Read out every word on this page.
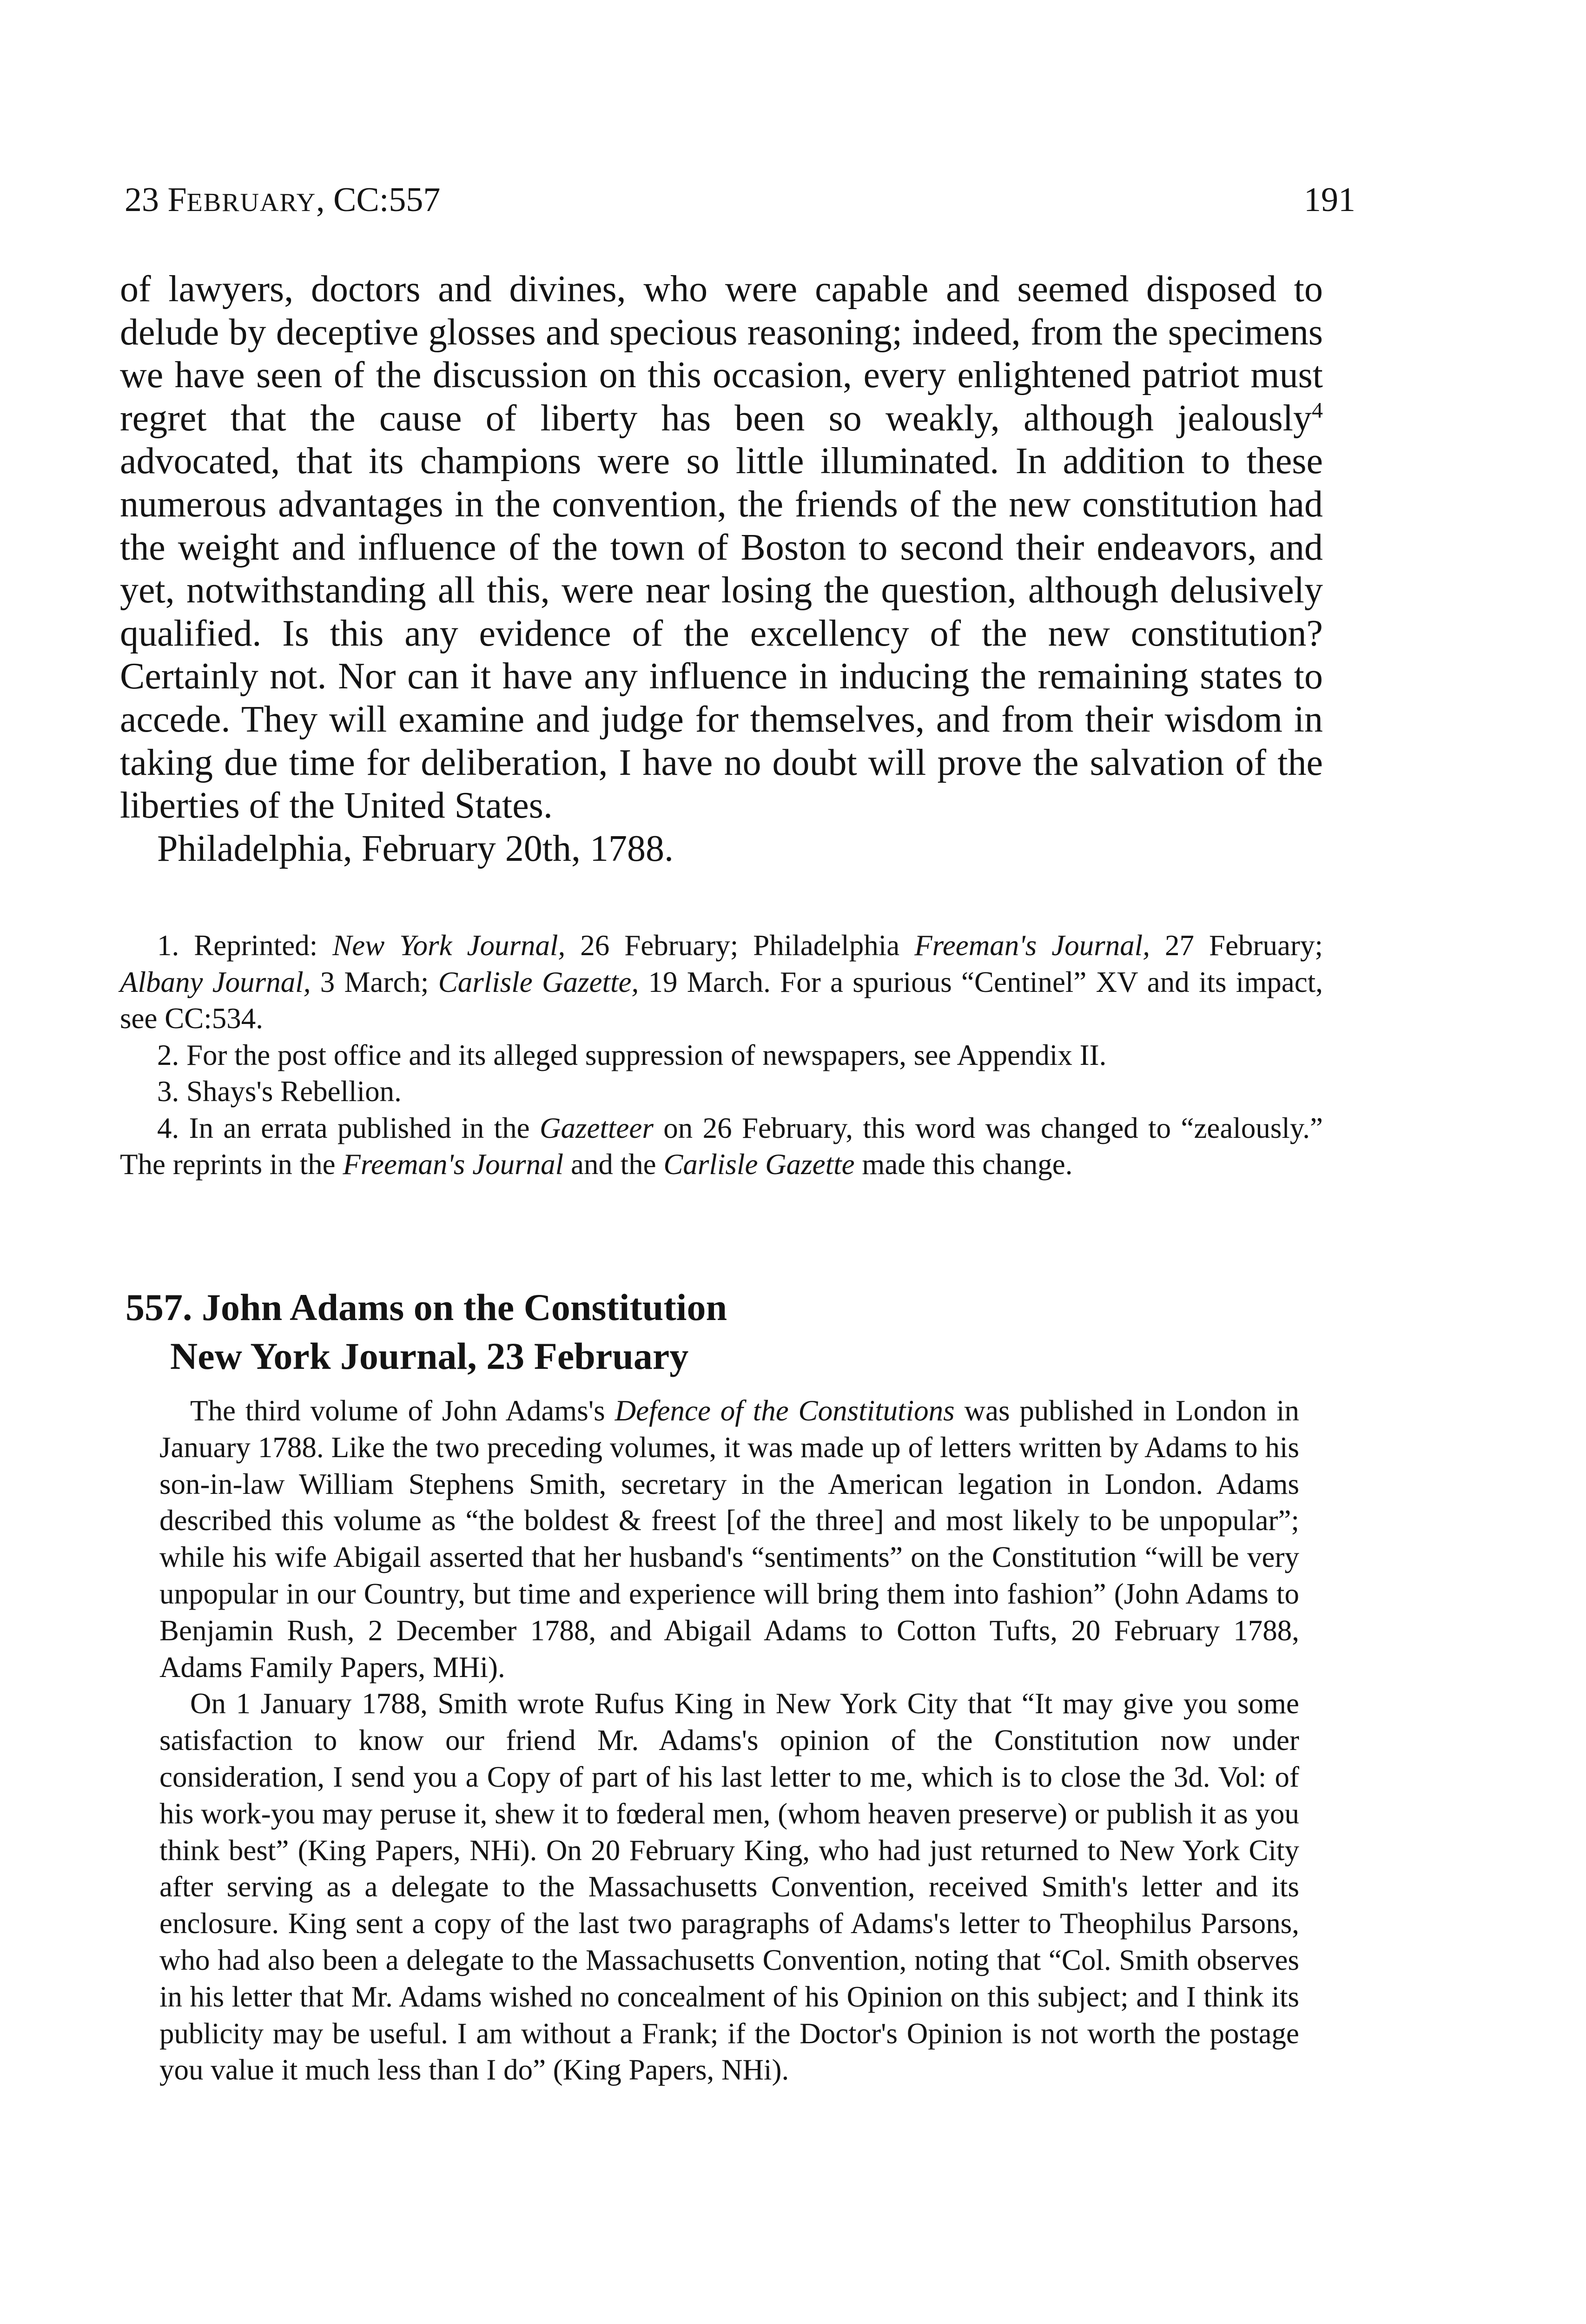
23 FEBRUARY, CC:557	191

of lawyers, doctors and divines, who were capable and seemed disposed to delude by deceptive glosses and specious reasoning; indeed, from the specimens we have seen of the discussion on this occasion, every enlightened patriot must regret that the cause of liberty has been so weakly, although jealously$^4$ advocated, that its champions were so little illuminated. In addition to these numerous advantages in the convention, the friends of the new constitution had the weight and influence of the town of Boston to second their endeavors, and yet, notwithstanding all this, were near losing the question, although delusively qualified. Is this any evidence of the excellency of the new constitution? Certainly not. Nor can it have any influence in inducing the remaining states to accede. They will examine and judge for themselves, and from their wisdom in taking due time for deliberation, I have no doubt will prove the salvation of the liberties of the United States.

Philadelphia, February 20th, 1788.

1. Reprinted: New York Journal, 26 February; Philadelphia Freeman's Journal, 27 February; Albany Journal, 3 March; Carlisle Gazette, 19 March. For a spurious “Centinel” XV and its impact, see CC:534.

2. For the post office and its alleged suppression of newspapers, see Appendix II.

3. Shays's Rebellion.

4. In an errata published in the Gazetteer on 26 February, this word was changed to “zealously.” The reprints in the Freeman's Journal and the Carlisle Gazette made this change.

557. John Adams on the Constitution
New York Journal, 23 February

The third volume of John Adams's Defence of the Constitutions was published in London in January 1788. Like the two preceding volumes, it was made up of letters written by Adams to his son-in-law William Stephens Smith, secretary in the American legation in London. Adams described this volume as “the boldest & freest [of the three] and most likely to be unpopular”; while his wife Abigail asserted that her husband's “sentiments” on the Constitution “will be very unpopular in our Country, but time and experience will bring them into fashion” (John Adams to Benjamin Rush, 2 December 1788, and Abigail Adams to Cotton Tufts, 20 February 1788, Adams Family Papers, MHi).

On 1 January 1788, Smith wrote Rufus King in New York City that “It may give you some satisfaction to know our friend Mr. Adams's opinion of the Constitution now under consideration, I send you a Copy of part of his last letter to me, which is to close the 3d. Vol: of his work-you may peruse it, shew it to fœderal men, (whom heaven preserve) or publish it as you think best” (King Papers, NHi). On 20 February King, who had just returned to New York City after serving as a delegate to the Massachusetts Convention, received Smith's letter and its enclosure. King sent a copy of the last two paragraphs of Adams's letter to Theophilus Parsons, who had also been a delegate to the Massachusetts Convention, noting that “Col. Smith observes in his letter that Mr. Adams wished no concealment of his Opinion on this subject; and I think its publicity may be useful. I am without a Frank; if the Doctor's Opinion is not worth the postage you value it much less than I do” (King Papers, NHi).
